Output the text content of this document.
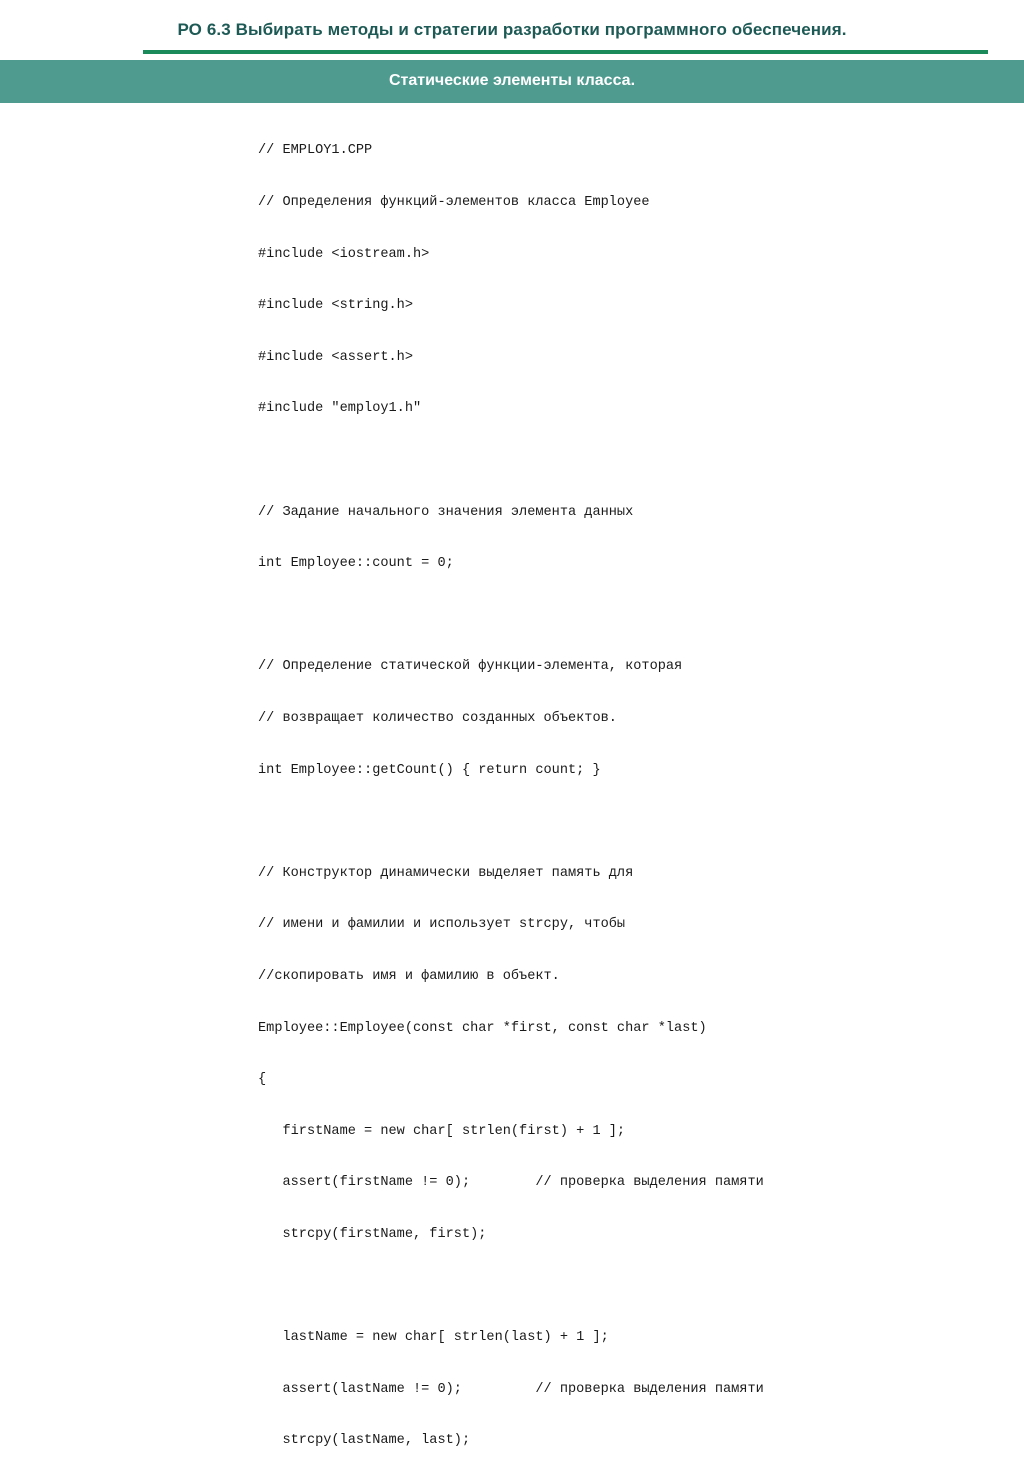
РО 6.3 Выбирать методы и стратегии разработки программного обеспечения.
Статические элементы класса.

// EMPLOY1.CPP

// Определения функций-элементов класса Employee

#include <iostream.h>

#include <string.h>

#include <assert.h>

#include "employ1.h"

// Задание начального значения элемента данных

int Employee::count = 0;

// Определение статической функции-элемента, которая

// возвращает количество созданных объектов.

int Employee::getCount() { return count; }

// Конструктор динамически выделяет память для

// имени и фамилии и использует strcpy, чтобы

//скопировать имя и фамилию в объект.

Employee::Employee(const char *first, const char *last)

{

firstName = new char[ strlen(first) + 1 ];

assert(firstName != 0);        // проверка выделения памяти

strcpy(firstName, first);

lastName = new char[ strlen(last) + 1 ];

assert(lastName != 0);         // проверка выделения памяти

strcpy(lastName, last);
